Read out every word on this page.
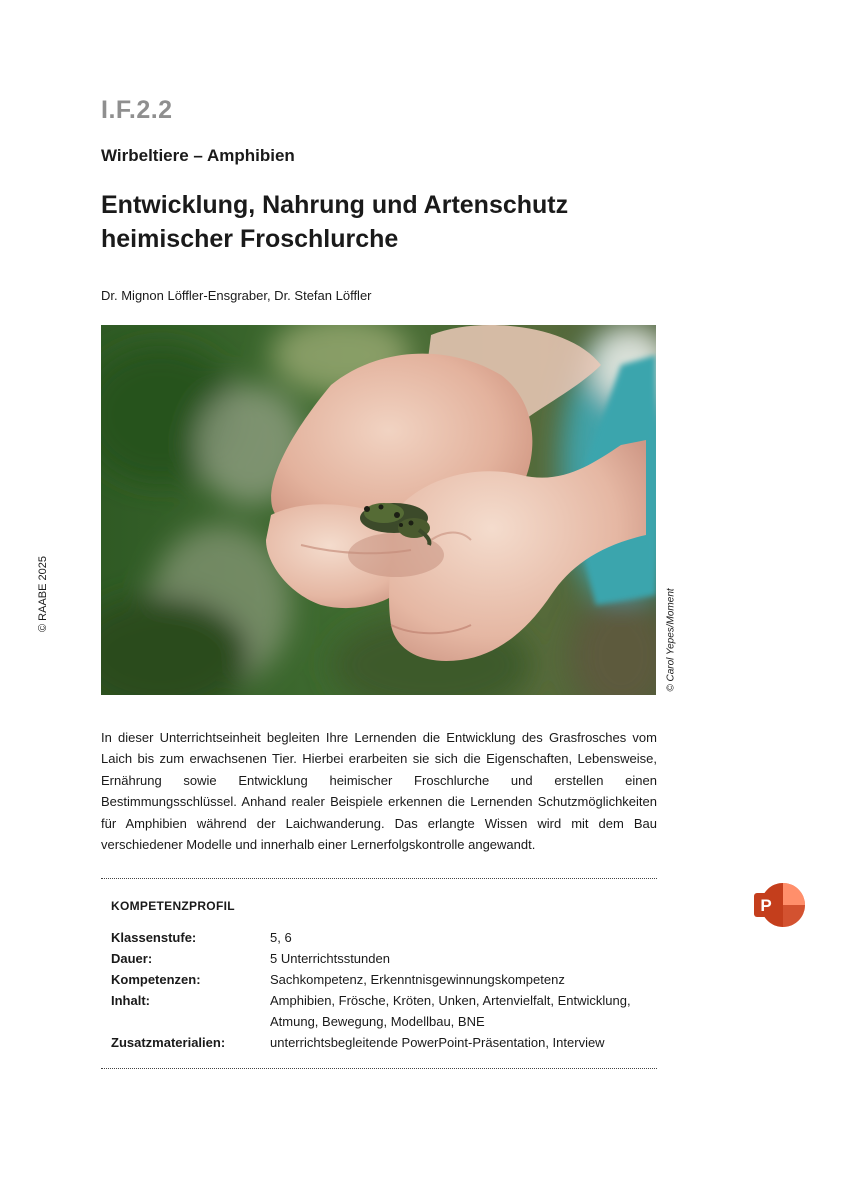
I.F.2.2
Wirbeltiere – Amphibien
Entwicklung, Nahrung und Artenschutz
heimischer Froschlurche
Dr. Mignon Löffler-Ensgraber, Dr. Stefan Löffler
© RAABE 2025	© Carol Yepes/Moment
In dieser Unterrichtseinheit begleiten Ihre Lernenden die Entwicklung des Grasfrosches vom Laich bis zum erwachsenen Tier. Hierbei erarbeiten sie sich die Eigenschaften, Lebensweise, Ernährung sowie Entwicklung heimischer Froschlurche und erstellen einen Bestimmungsschlüssel. Anhand realer Beispiele erkennen die Lernenden Schutzmöglichkeiten für Amphibien während der Laichwanderung. Das erlangte Wissen wird mit dem Bau verschiedener Modelle und innerhalb einer Lernerfolgskontrolle angewandt.
KOMPETENZPROFIL
Klassenstufe:	5, 6
Dauer:	5 Unterrichtsstunden
Kompetenzen:	Sachkompetenz, Erkenntnisgewinnungskompetenz
Inhalt:	Amphibien, Frösche, Kröten, Unken, Artenvielfalt, Entwicklung, Atmung, Bewegung, Modellbau, BNE
Zusatzmaterialien:	unterrichtsbegleitende PowerPoint-Präsentation, Interview
P
